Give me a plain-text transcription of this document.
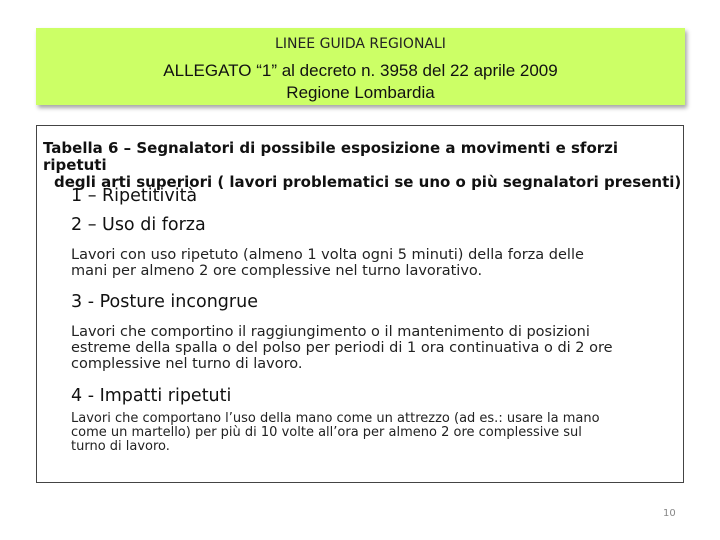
LINEE GUIDA REGIONALI
ALLEGATO “1” al decreto n. 3958 del 22 aprile 2009
Regione Lombardia
Tabella 6 – Segnalatori di possibile esposizione a movimenti e sforzi ripetuti
degli arti superiori ( lavori problematici se uno o più segnalatori presenti)
1 – Ripetitività
2 – Uso di forza
Lavori con uso ripetuto (almeno 1 volta ogni 5 minuti) della forza delle
mani per almeno 2 ore complessive nel turno lavorativo.
3 - Posture incongrue
Lavori che comportino il raggiungimento o il mantenimento di posizioni
estreme della spalla o del polso per periodi di 1 ora continuativa o di 2 ore
complessive nel turno di lavoro.
4 - Impatti ripetuti
Lavori che comportano l’uso della mano come un attrezzo (ad es.: usare la mano
come un martello) per più di 10 volte all’ora per almeno 2 ore complessive sul
turno di lavoro.
10
